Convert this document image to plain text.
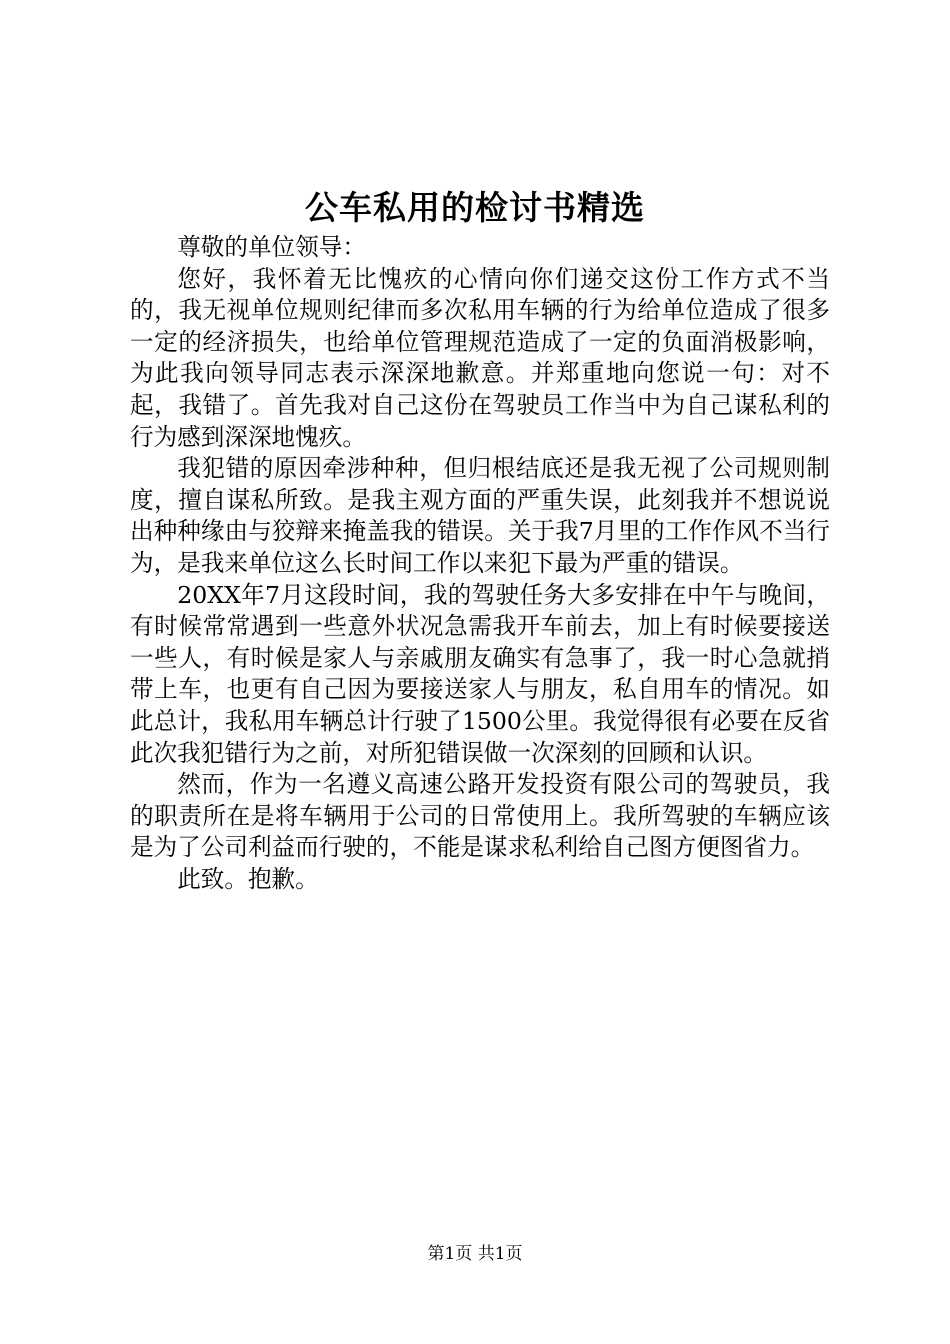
公车私用的检讨书精选

尊敬的单位领导：

您好，我怀着无比愧疚的心情向你们递交这份工作方式不当的，我无视单位规则纪律而多次私用车辆的行为给单位造成了很多一定的经济损失，也给单位管理规范造成了一定的负面消极影响，为此我向领导同志表示深深地歉意。并郑重地向您说一句：对不起，我错了。首先我对自己这份在驾驶员工作当中为自己谋私利的行为感到深深地愧疚。

我犯错的原因牵涉种种，但归根结底还是我无视了公司规则制度，擅自谋私所致。是我主观方面的严重失误，此刻我并不想说说出种种缘由与狡辩来掩盖我的错误。关于我7月里的工作作风不当行为，是我来单位这么长时间工作以来犯下最为严重的错误。

20XX年7月这段时间，我的驾驶任务大多安排在中午与晚间，有时候常常遇到一些意外状况急需我开车前去，加上有时候要接送一些人，有时候是家人与亲戚朋友确实有急事了，我一时心急就捎带上车，也更有自己因为要接送家人与朋友，私自用车的情况。如此总计，我私用车辆总计行驶了1500公里。我觉得很有必要在反省此次我犯错行为之前，对所犯错误做一次深刻的回顾和认识。

然而，作为一名遵义高速公路开发投资有限公司的驾驶员，我的职责所在是将车辆用于公司的日常使用上。我所驾驶的车辆应该是为了公司利益而行驶的，不能是谋求私利给自己图方便图省力。

此致。抱歉。

第1页 共1页
